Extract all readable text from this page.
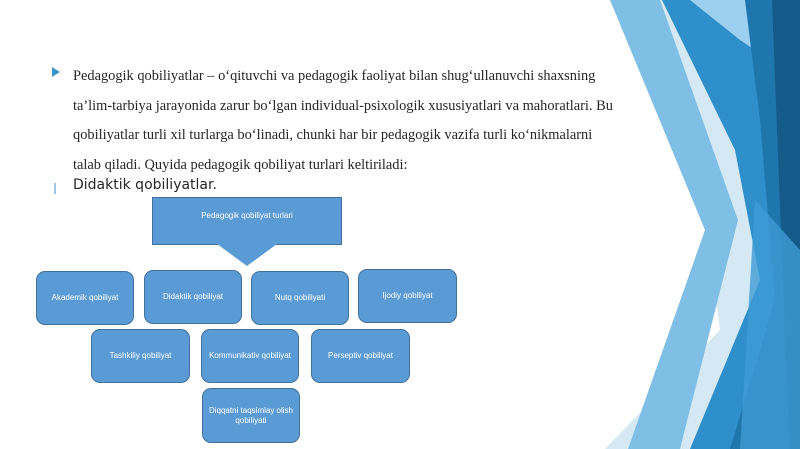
Pedagogik qobiliyatlar – o‘qituvchi va pedagogik faoliyat bilan shug‘ullanuvchi shaxsning ta’lim-tarbiya jarayonida zarur bo‘lgan individual-psixologik xususiyatlari va mahoratlari. Bu qobiliyatlar turli xil turlarga bo‘linadi, chunki har bir pedagogik vazifa turli ko‘nikmalarni talab qiladi. Quyida pedagogik qobiliyat turlari keltiriladi:

Didaktik qobiliyatlar.

Pedagogik qobiliyat turlari
Akademik qobiliyat	Didaktik qobiliyat	Nutq qobiliyati	Ijodiy qobiliyat
Tashkiliy qobiliyat	Kommunikativ qobiliyat	Perseptiv qobiliyat
Diqqatni taqsimlay olish qobiliyati
